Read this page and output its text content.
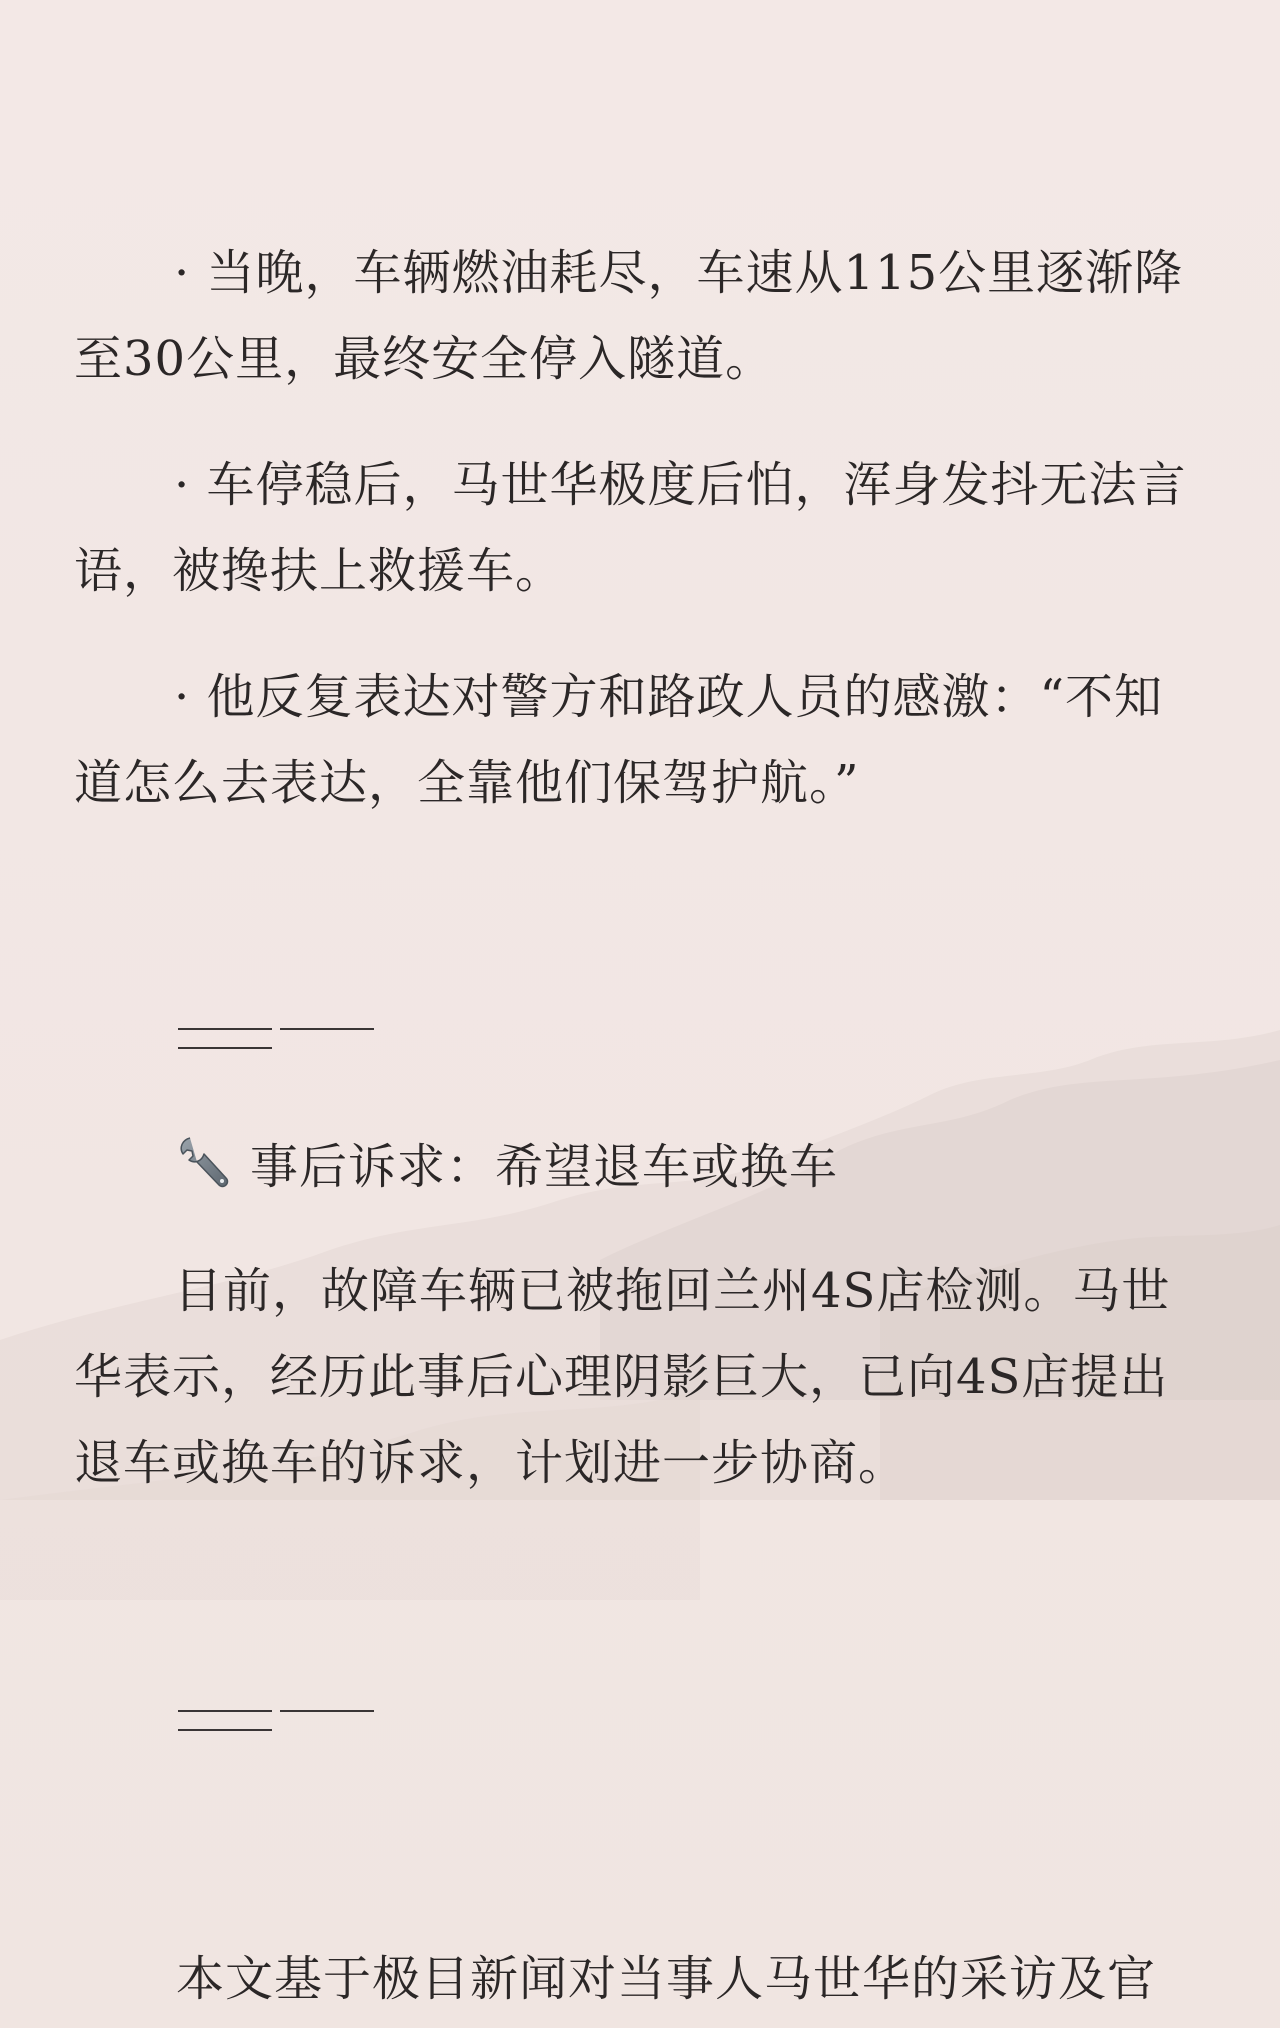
· 当晚，车辆燃油耗尽，车速从115公里逐渐降至30公里，最终安全停入隧道。

· 车停稳后，马世华极度后怕，浑身发抖无法言语，被搀扶上救援车。

· 他反复表达对警方和路政人员的感激：“不知道怎么去表达，全靠他们保驾护航。”

事后诉求：希望退车或换车

目前，故障车辆已被拖回兰州4S店检测。马世华表示，经历此事后心理阴影巨大，已向4S店提出退车或换车的诉求，计划进一步协商。

本文基于极目新闻对当事人马世华的采访及官
